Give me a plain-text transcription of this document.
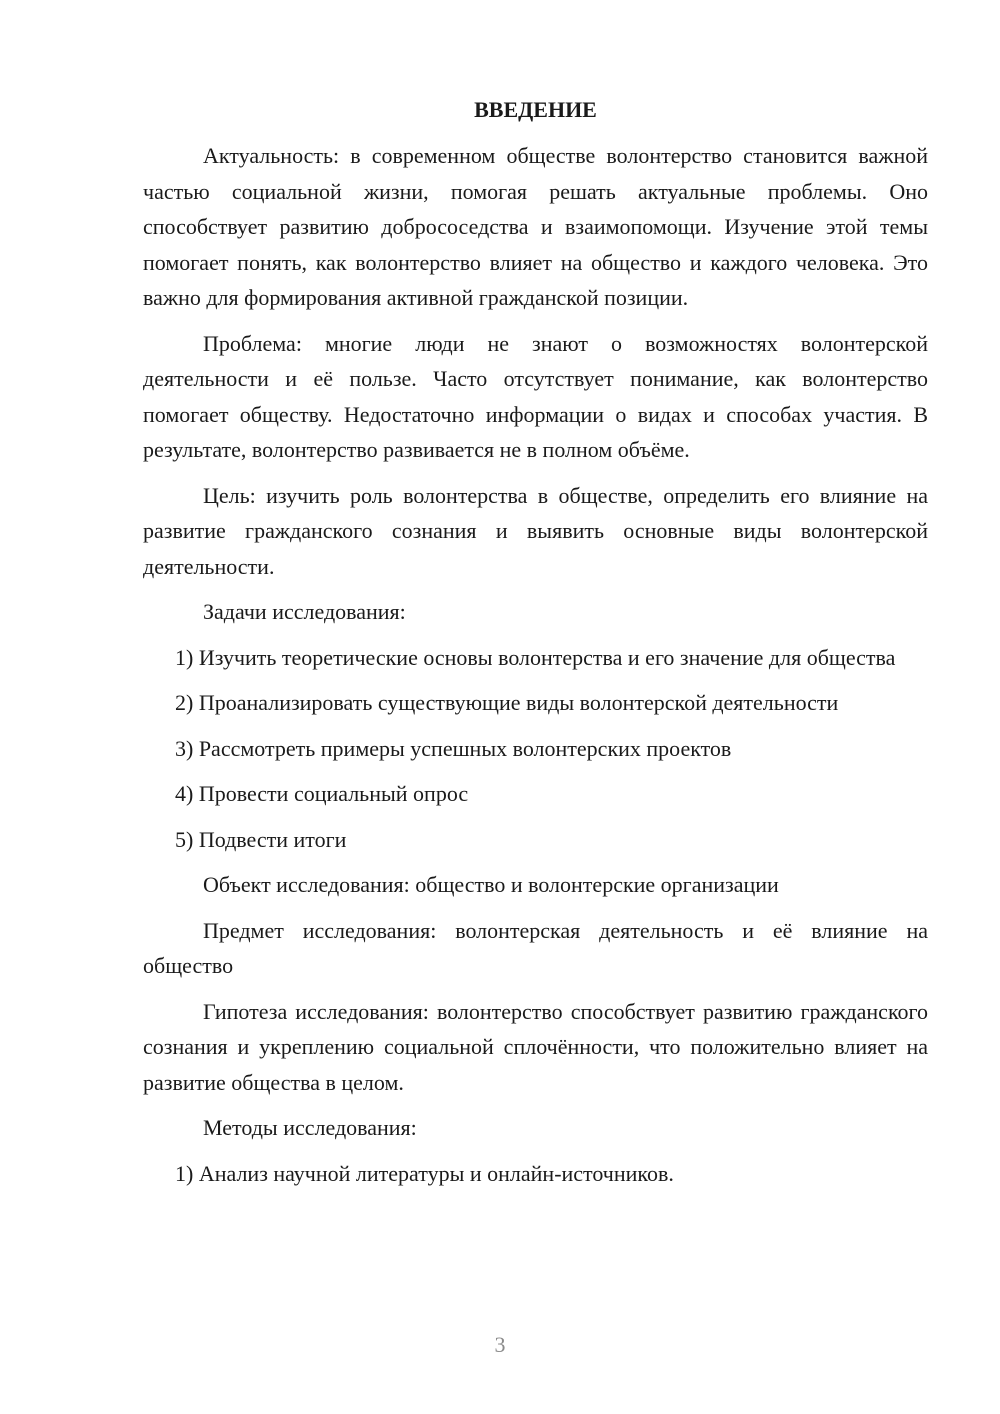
ВВЕДЕНИЕ

Актуальность: в современном обществе волонтерство становится важной частью социальной жизни, помогая решать актуальные проблемы. Оно способствует развитию добрососедства и взаимопомощи. Изучение этой темы помогает понять, как волонтерство влияет на общество и каждого человека. Это важно для формирования активной гражданской позиции.

Проблема: многие люди не знают о возможностях волонтерской деятельности и её пользе. Часто отсутствует понимание, как волонтерство помогает обществу. Недостаточно информации о видах и способах участия. В результате, волонтерство развивается не в полном объёме.

Цель: изучить роль волонтерства в обществе, определить его влияние на развитие гражданского сознания и выявить основные виды волонтерской деятельности.

Задачи исследования:

1) Изучить теоретические основы волонтерства и его значение для общества

2) Проанализировать существующие виды волонтерской деятельности

3) Рассмотреть примеры успешных волонтерских проектов

4) Провести социальный опрос

5) Подвести итоги

Объект исследования: общество и волонтерские организации

Предмет исследования: волонтерская деятельность и её влияние на общество

Гипотеза исследования: волонтерство способствует развитию гражданского сознания и укреплению социальной сплочённости, что положительно влияет на развитие общества в целом.

Методы исследования:

1) Анализ научной литературы и онлайн-источников.

3
